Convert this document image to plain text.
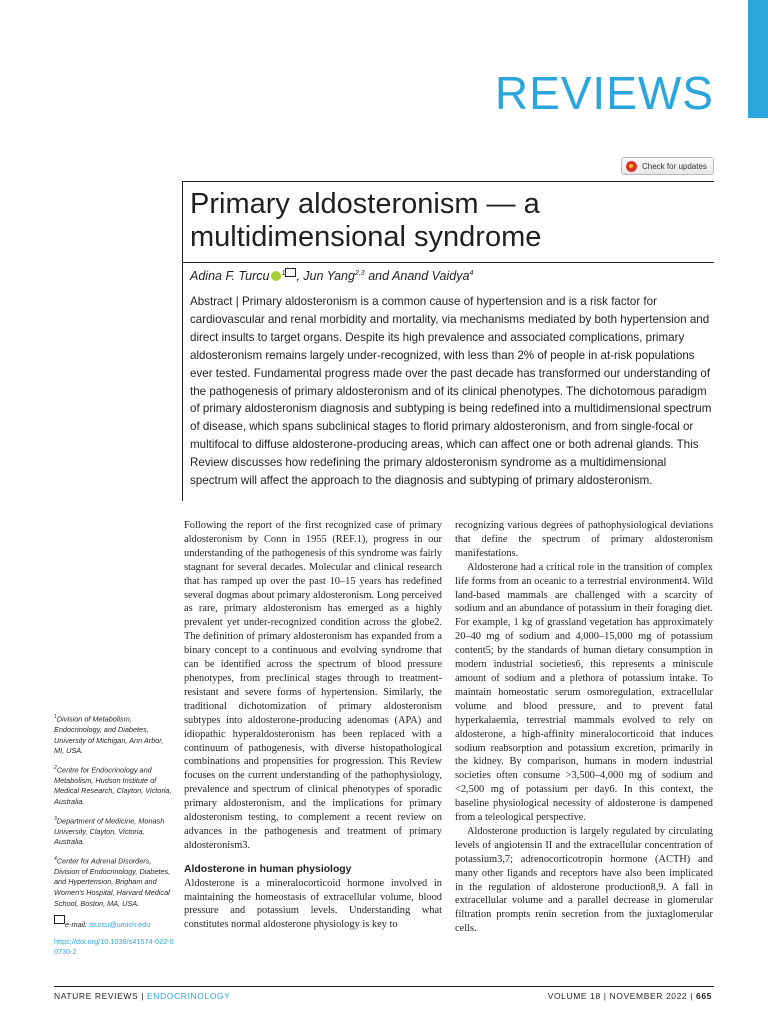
REVIEWS
Check for updates
Primary aldosteronism — a multidimensional syndrome
Adina F. Turcu $^1$ , Jun Yang$^{2,3}$ and Anand Vaidya$^4$

Abstract | Primary aldosteronism is a common cause of hypertension and is a risk factor for cardiovascular and renal morbidity and mortality, via mechanisms mediated by both hypertension and direct insults to target organs. Despite its high prevalence and associated complications, primary aldosteronism remains largely under-recognized, with less than 2% of people in at-risk populations ever tested. Fundamental progress made over the past decade has transformed our understanding of the pathogenesis of primary aldosteronism and of its clinical phenotypes. The dichotomous paradigm of primary aldosteronism diagnosis and subtyping is being redefined into a multidimensional spectrum of disease, which spans subclinical stages to florid primary aldosteronism, and from single-focal or multifocal to diffuse aldosterone-producing areas, which can affect one or both adrenal glands. This Review discusses how redefining the primary aldosteronism syndrome as a multidimensional spectrum will affect the approach to the diagnosis and subtyping of primary aldosteronism.

Following the report of the first recognized case of primary aldosteronism by Conn in 1955 (REF.1), progress in our understanding of the pathogenesis of this syndrome was fairly stagnant for several decades. Molecular and clinical research that has ramped up over the past 10–15 years has redefined several dogmas about primary aldosteronism. Long perceived as rare, primary aldosteronism has emerged as a highly prevalent yet under-recognized condition across the globe2. The definition of primary aldosteronism has expanded from a binary concept to a continuous and evolving syndrome that can be identified across the spectrum of blood pressure phenotypes, from preclinical stages through to treatment-resistant and severe forms of hypertension. Similarly, the traditional dichotomization of primary aldosteronism subtypes into aldosterone-producing adenomas (APA) and idiopathic hyperaldosteronism has been replaced with a continuum of pathogenesis, with diverse histopathological combinations and propensities for progression. This Review focuses on the current understanding of the pathophysiology, prevalence and spectrum of clinical phenotypes of sporadic primary aldosteronism, and the implications for primary aldosteronism testing, to complement a recent review on advances in the pathogenesis and treatment of primary aldosteronism3.

Aldosterone in human physiology

Aldosterone is a mineralocorticoid hormone involved in maintaining the homeostasis of extracellular volume, blood pressure and potassium levels. Understanding what constitutes normal aldosterone physiology is key to

recognizing various degrees of pathophysiological deviations that define the spectrum of primary aldosteronism manifestations.

Aldosterone had a critical role in the transition of complex life forms from an oceanic to a terrestrial environment4. Wild land-based mammals are challenged with a scarcity of sodium and an abundance of potassium in their foraging diet. For example, 1 kg of grassland vegetation has approximately 20–40 mg of sodium and 4,000–15,000 mg of potassium content5; by the standards of human dietary consumption in modern industrial societies6, this represents a miniscule amount of sodium and a plethora of potassium intake. To maintain homeostatic serum osmoregulation, extracellular volume and blood pressure, and to prevent fatal hyperkalaemia, terrestrial mammals evolved to rely on aldosterone, a high-affinity mineralocorticoid that induces sodium reabsorption and potassium excretion, primarily in the kidney. By comparison, humans in modern industrial societies often consume >3,500–4,000 mg of sodium and <2,500 mg of potassium per day6. In this context, the baseline physiological necessity of aldosterone is dampened from a teleological perspective.

Aldosterone production is largely regulated by circulating levels of angiotensin II and the extracellular concentration of potassium3,7; adrenocorticotropin hormone (ACTH) and many other ligands and receptors have also been implicated in the regulation of aldosterone production8,9. A fall in extracellular volume and a parallel decrease in glomerular filtration prompts renin secretion from the juxtaglomerular cells.

$^1$Division of Metabolism, Endocrinology, and Diabetes, University of Michigan, Ann Arbor, MI, USA.

$^2$Centre for Endocrinology and Metabolism, Hudson Institute of Medical Research, Clayton, Victoria, Australia.

$^3$Department of Medicine, Monash University, Clayton, Victoria, Australia.

$^4$Center for Adrenal Disorders, Division of Endocrinology, Diabetes, and Hypertension, Brigham and Women's Hospital, Harvard Medical School, Boston, MA, USA.

e-mail: aturcu@umich.edu

https://doi.org/10.1038/s41574-022-00730-2

NATURE REVIEWS | ENDOCRINOLOGY	VOLUME 18 | NOVEMBER 2022 | 665
